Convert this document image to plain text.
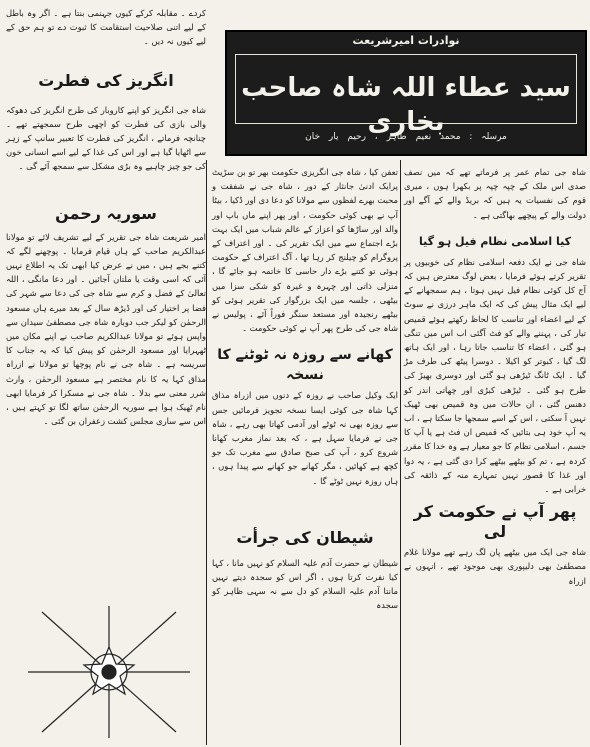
نوادرات امیرشریعت
سید عطاء اللہ شاہ صاحب بخاری
مرسلہ : محمد نعیم طاہر ، رحیم یار خان

کردے ۔ مقابلہ کرکے کیوں جہنمی بنتا ہے ۔ اگر وہ باطل کے لیے اتنی صلاحیت استقامت کا ثبوت دے تو ہم حق کے لیے کیوں نہ دیں ۔

انگریز کی فطرت

شاہ جی انگریز کو اپنے کاروبار کی طرح انگریز کی دھوکہ والی بازی کی فطرت کو اچھی طرح سمجھتے تھے ۔ چنانچہ فرماتے ، انگریز کی فطرت کا تعبیر سانپ کے زہر سے اٹھایا گیا ہے اور اس کی غذا کے لیے اسے انسانی خون کی جو چیز چاہیے وہ بڑی مشکل سے سمجھ آئے گی ۔

سوریہ رحمن

امیر شریعت شاہ جی تقریر کے لیے تشریف لائے تو مولانا عبدالکریم صاحب کے ہاں قیام فرمایا ۔ پوچھنے لگے کہ کتنے بجے ہیں ، میں نے عرض کیا ابھی تک یہ اطلاع نہیں آئی کہ اسی وقت یا ملتان آجائیں ۔ اور دعا مانگی ، اللہ تعالیٰ کے فضل و کرم سے شاہ جی کی دعا سے شہر کی فضا پر اختیار کی اور ڈیڑھ سال کے بعد میرے ہاں مسعود الرحمٰن کو لیکر جب دوبارہ شاہ جی مصطفیٰ سیدان سے واپس ہوئے تو مولانا عبدالکریم صاحب نے اپنے مکان میں ٹھہرایا اور مسعود الرحمٰن کو پیش کیا کہ یہ جناب کا سریسہ ہے ۔ شاہ جی نے نام پوچھا تو مولانا نے ازراہ مذاق کہا یہ کا نام مختصر ہے مسعود الرحمٰن ، وارث شرر معنی سے بدلا ۔ شاہ جی نے مسکرا کر فرمایا ابھی نام ٹھیک ہوا ہے سوریہ الرحمٰن ساتھ لگا تو کہتے ہیں ، اس سے ساری مجلس کشت زعفران بن گئی ۔

تعفن کیا ، شاہ جی انگریزی حکومت بھر تو بن سڑیٹ پرایک ادنیٰ جانثار کے دور ، شاہ جی نے شفقت و محبت بھرے لفظوں سے مولانا کو دعا دی اور ڈکیا ، بیٹا آپ نے بھی کوئی حکومت ، اور پھر اپنے ماں باپ اور والد اور ساڑھا کو اعزاز کے عالم شباب میں ایک بہت بڑے اجتماع سے میں ایک تقریر کی ۔ اور اعتراف کے پروگرام کو چیلنج کر رہا تھا ، آگ اعتراف کے حکومت ہوئی تو کتنے بڑے دار حاسی کا خاتمہ ہو جائے گا ، منزلی ذاتی اور چہرہ و غیرہ کو شکی سزا میں بیٹھی ، جلسہ میں ایک بزرگوار کی تقریر ہوئی کو بیٹھے رنجیدہ اور مستعد سنگر فوراً آئے ، پولیس نے شاہ جی کی طرح پھر آپ نے کوئی حکومت ۔

کھانے سے روزہ نہ ٹوٹنے کا نسخہ

ایک وکیل صاحب نے روزہ کے دنوں میں ازراہ مذاق کہا شاہ جی کوئی ایسا نسخہ تجویز فرمائیں جس سے روزہ بھی نہ ٹوٹے اور آدمی کھاتا بھی رہے ، شاہ جی نے فرمایا سہل ہے ، کہ بعد نماز مغرب کھانا شروع کرو ، آپ کی صبح صادق سے مغرب تک جو کچھ ہے کھائیں ، مگر کھانے جو کھانے سے پیدا ہوں ، ہاں روزہ نہیں ٹوٹے گا ۔

شیطان کی جرأت

شیطان نے حضرت آدم علیہ السلام کو نہیں مانا ، کہا کیا نفرت کرتا ہوں ، اگر اس کو سجدہ دیتے نہیں مانتا آدم علیہ السلام کو دل سے نہ سہی ظاہر کو سجدہ

شاہ جی تمام عمر پر فرماتے تھے کہ میں نصف صدی اس ملک کے چپہ چپہ پر بکھرا ہوں ، میری قوم کی نفسیات یہ ہیں کہ بریڈ والے کے آگے اور دولت والے کے پیچھے بھاگتی ہے ۔

کیا اسلامی نظام فیل ہو گیا

شاہ جی نے ایک دفعہ اسلامی نظام کی خوبیوں پر تقریر کرتے ہوئے فرمایا ، بعض لوگ معترض ہیں کہ آج کل کوئی نظام فیل نہیں ہوتا ، ہم سمجھانے کے لیے ایک مثال پیش کی کہ ایک ماہر درزی نے سوٹ کے لیے اعضاء اور تناسب کا لحاظ رکھتے ہوئے قمیص تیار کی ، پہننے والے کو فٹ آگئی اب اس میں تنگی ہو گئی ، اعضاء کا تناسب جاتا رہا ، اور ایک ہاتھ لگ گیا ، کبوتر کو اکیلا ۔ دوسرا پیٹھ کی طرف مڑ گیا ۔ ایک ٹانگ ٹیڑھی ہو گئی اور دوسری بھیڑ کی طرح ہو گئی ۔ ٹیڑھی کبڑی اور چھاتی اندر کو دھنس گئی ، ان حالات میں وہ قمیص بھی ٹھیک نہیں آ سکتی ، اس کے اسے سمجھا جا سکتا ہے ، اب یہ آپ خود ہی بتائیں کہ قمیص ان فٹ ہے یا آپ کا جسم ، اسلامی نظام کا جو معیار ہے وہ خدا کا مقرر کردہ ہے ، تم کو بیٹھے بیٹھے کرا دی گئی ہے ، یہ دوا اور غذا کا قصور نہیں تمہارے منہ کے ذائقہ کی خرابی ہے ۔

پھر آپ نے حکومت کر لی

شاہ جی ایک میں بیٹھے پان لگ رہے تھے مولانا غلام مصطفیٰ بھی دلیپوری بھی موجود تھے ، انہوں نے ازراہ
